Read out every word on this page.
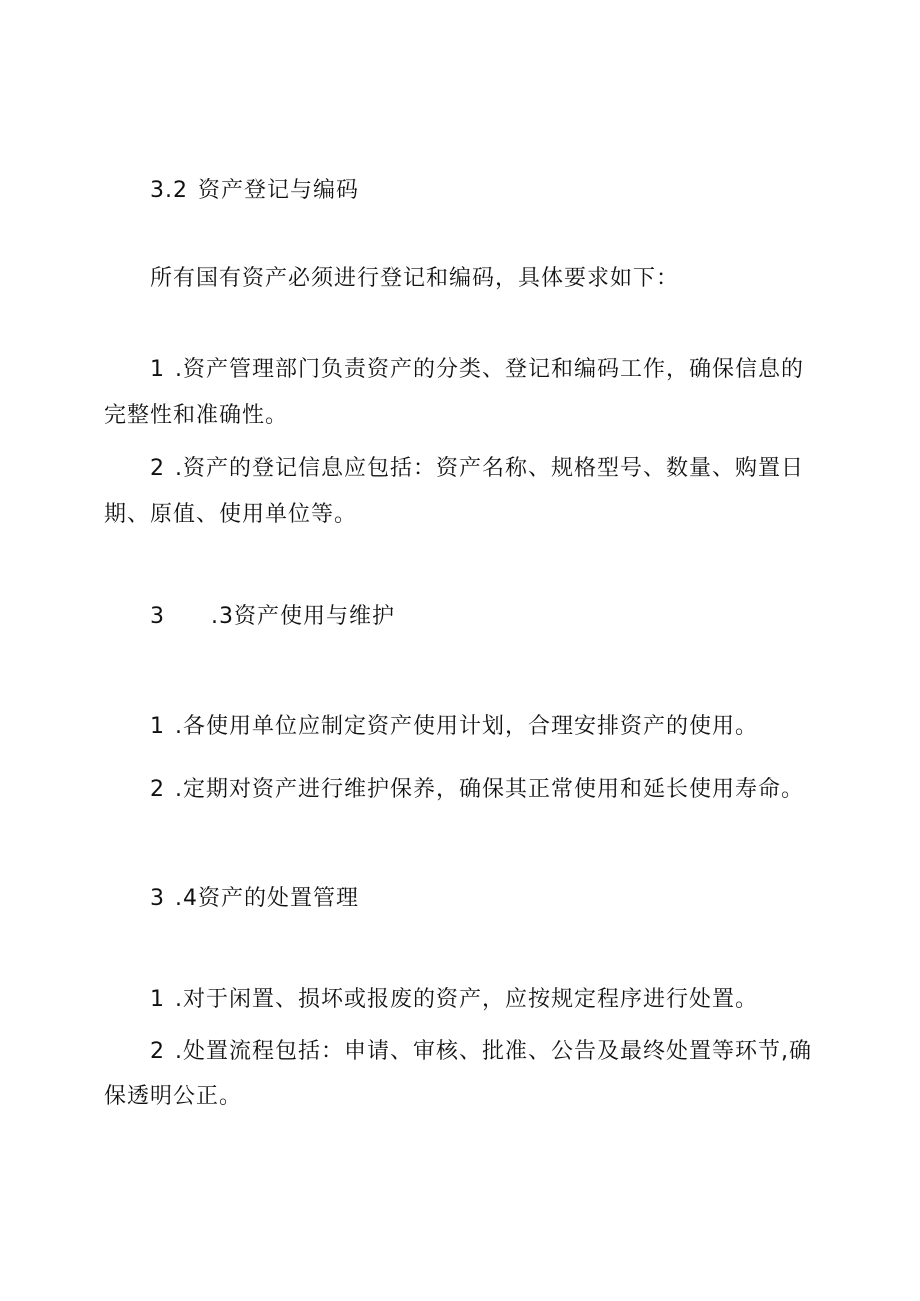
3.2 资产登记与编码
所有国有资产必须进行登记和编码，具体要求如下：
1 .资产管理部门负责资产的分类、登记和编码工作，确保信息的
完整性和准确性。
2 .资产的登记信息应包括：资产名称、规格型号、数量、购置日
期、原值、使用单位等。
3 .3资产使用与维护
1 .各使用单位应制定资产使用计划，合理安排资产的使用。
2 .定期对资产进行维护保养，确保其正常使用和延长使用寿命。
3 .4资产的处置管理
1 .对于闲置、损坏或报废的资产，应按规定程序进行处置。
2 .处置流程包括：申请、审核、批准、公告及最终处置等环节,确
保透明公正。
